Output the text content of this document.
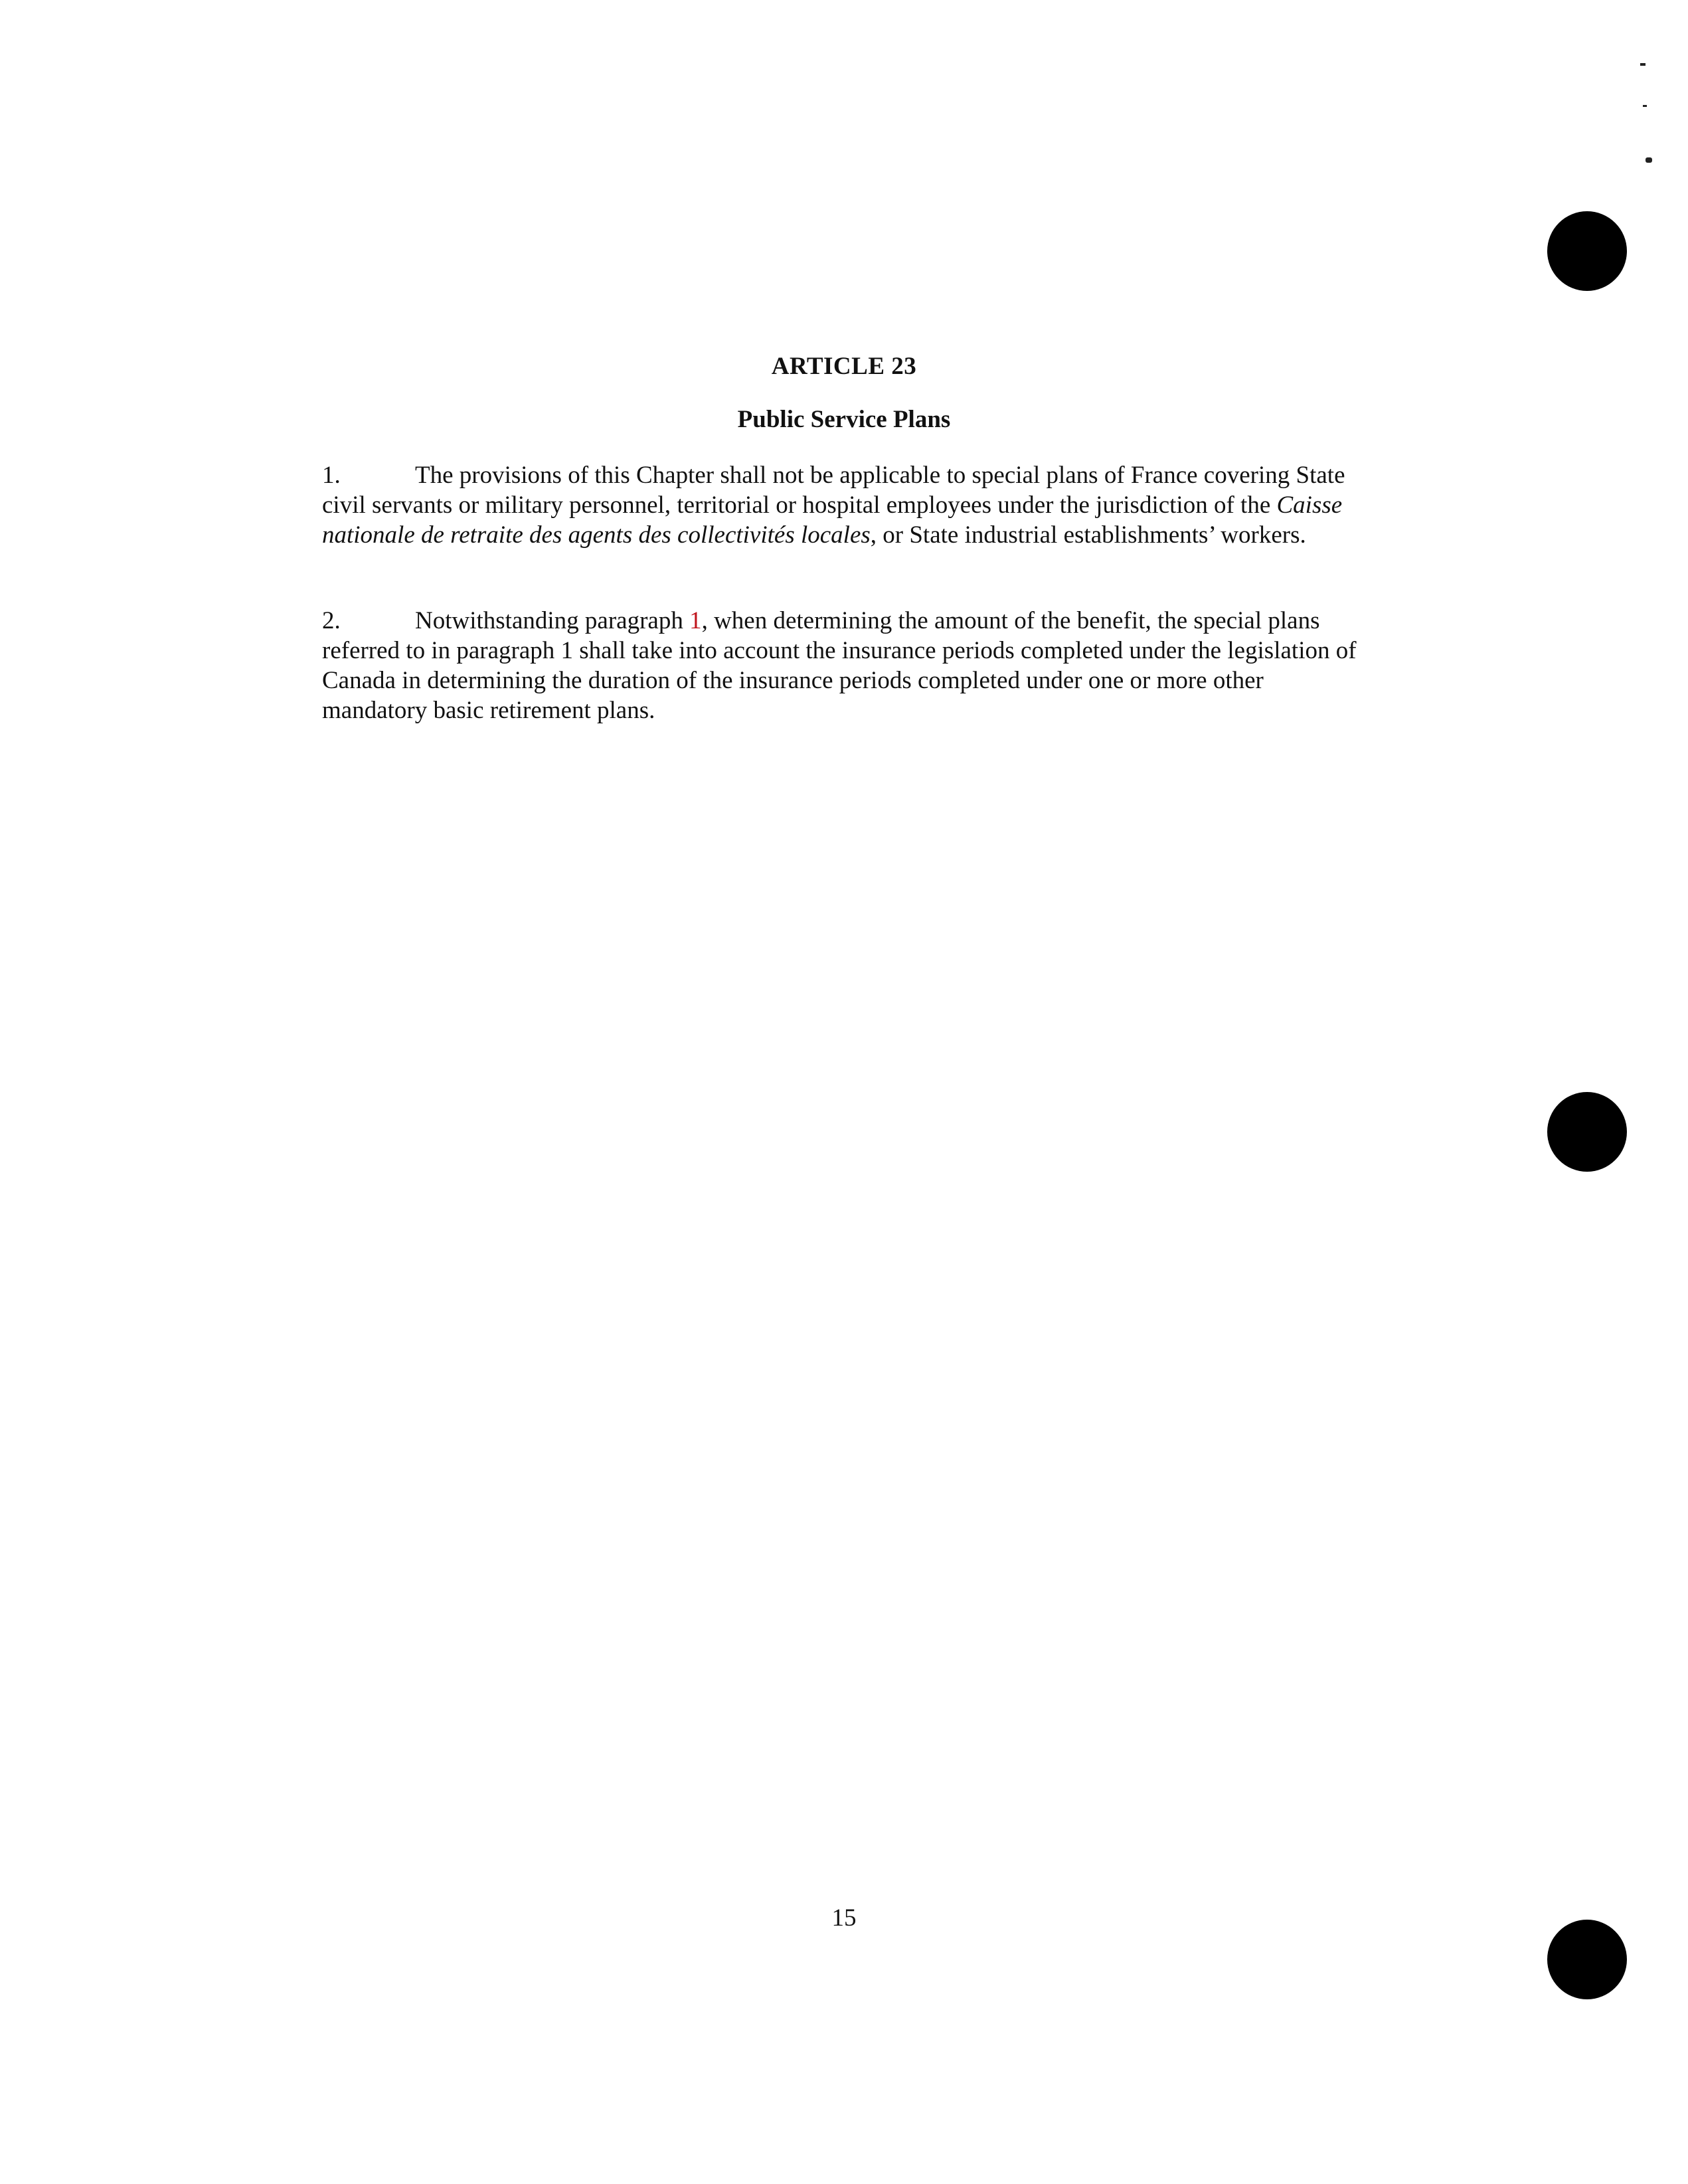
ARTICLE 23
Public Service Plans
1.	The provisions of this Chapter shall not be applicable to special plans of France covering State civil servants or military personnel, territorial or hospital employees under the jurisdiction of the Caisse nationale de retraite des agents des collectivités locales, or State industrial establishments’ workers.
2.	Notwithstanding paragraph 1, when determining the amount of the benefit, the special plans referred to in paragraph 1 shall take into account the insurance periods completed under the legislation of Canada in determining the duration of the insurance periods completed under one or more other mandatory basic retirement plans.
15
